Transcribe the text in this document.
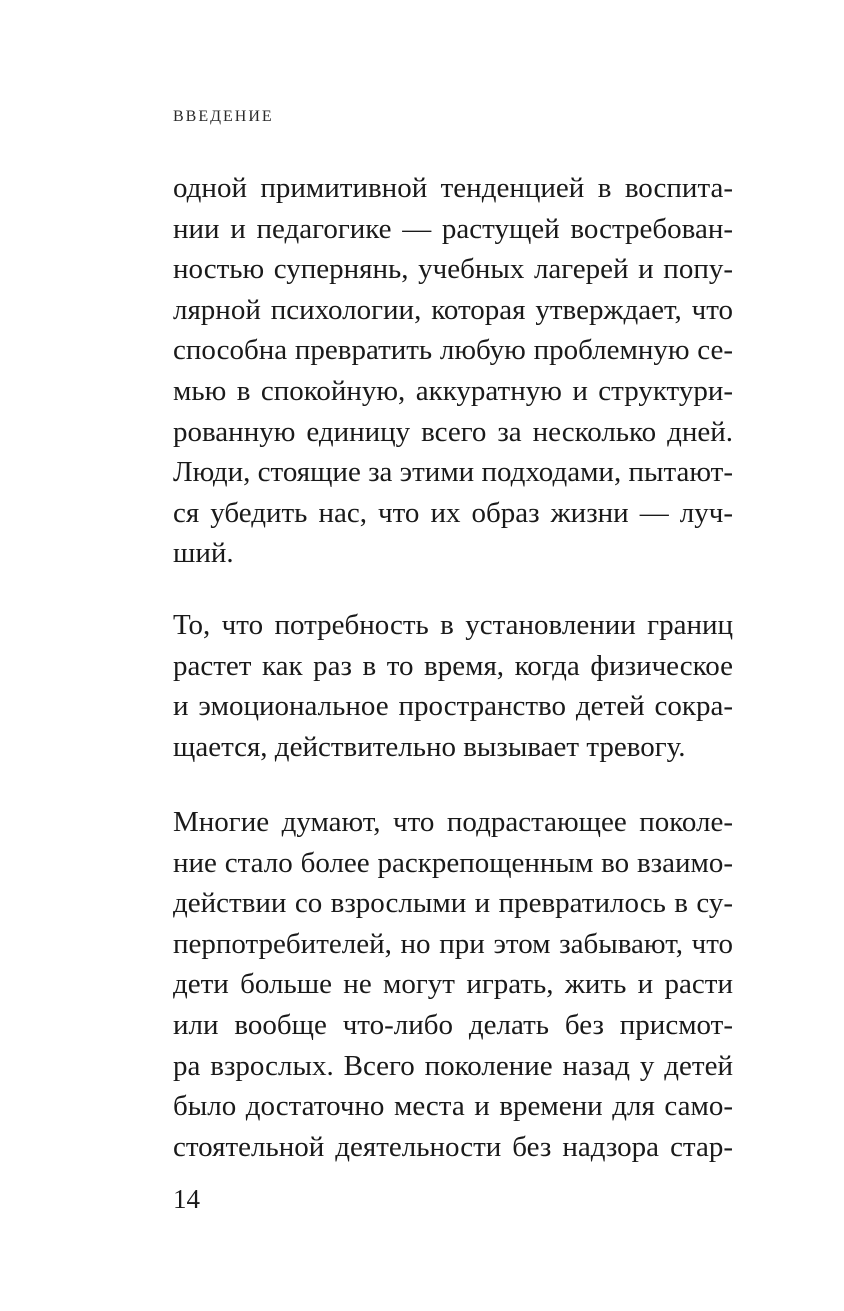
ВВЕДЕНИЕ
одной примитивной тенденцией в воспита-
нии и педагогике — растущей востребован-
ностью супернянь, учебных лагерей и попу-
лярной психологии, которая утверждает, что
способна превратить любую проблемную се-
мью в спокойную, аккуратную и структури-
рованную единицу всего за несколько дней.
Люди, стоящие за этими подходами, пытают-
ся убедить нас, что их образ жизни — луч-
ший.
То, что потребность в установлении границ
растет как раз в то время, когда физическое
и эмоциональное пространство детей сокра-
щается, действительно вызывает тревогу.
Многие думают, что подрастающее поколе-
ние стало более раскрепощенным во взаимо-
действии со взрослыми и превратилось в су-
перпотребителей, но при этом забывают, что
дети больше не могут играть, жить и расти
или вообще что-либо делать без присмот-
ра взрослых. Всего поколение назад у детей
было достаточно места и времени для само-
стоятельной деятельности без надзора стар-
14
